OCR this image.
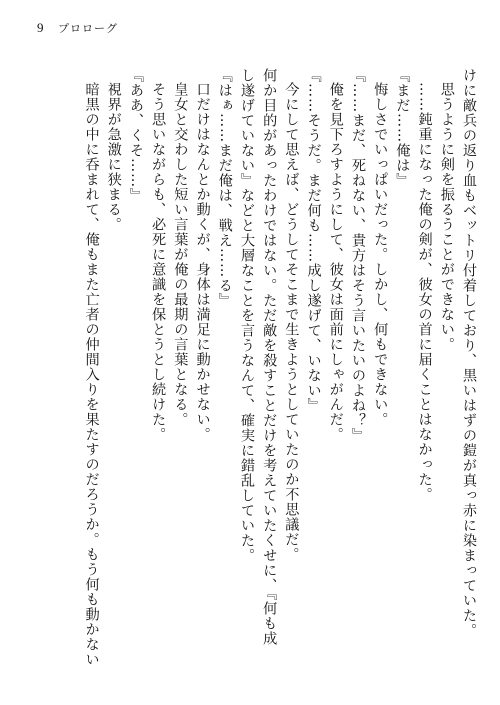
9 プロローグ
けに敵兵の返り血もベットリ付着しており、黒いはずの鎧が真っ赤に染まっていた。
思うように剣を振るうことができない。
……鈍重になった俺の剣が、彼女の首に届くことはなかった。
『まだ……俺は』
悔しさでいっぱいだった。しかし、何もできない。
『……まだ、死ねない、貴方はそう言いたいのよね？』
俺を見下ろすようにして、彼女は面前にしゃがんだ。
『……そうだ。まだ何も……成し遂げて、いない』
今にして思えば、どうしてそこまで生きようとしていたのか不思議だ。
何か目的があったわけではない。ただ敵を殺すことだけを考えていたくせに、『何も成
し遂げていない』などと大層なことを言うなんて、確実に錯乱していた。
『はぁ……まだ俺は、戦え……る』
口だけはなんとか動くが、身体は満足に動かせない。
皇女と交わした短い言葉が俺の最期の言葉となる。
そう思いながらも、必死に意識を保とうとし続けた。
『ああ、くそ……』
視界が急激に狭まる。
暗黒の中に呑まれて、俺もまた亡者の仲間入りを果たすのだろうか。もう何も動かない
